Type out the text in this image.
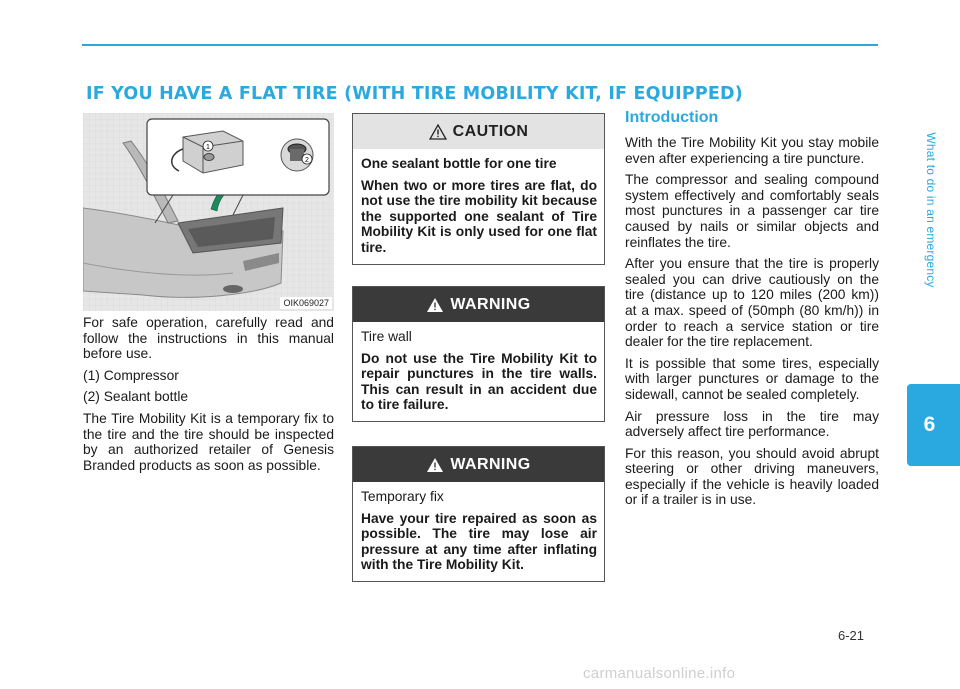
IF YOU HAVE A FLAT TIRE (WITH TIRE MOBILITY KIT, IF EQUIPPED)
What to do in an emergency
6
1
2
OIK069027

For safe operation, carefully read and follow the instructions in this manual before use.

(1) Compressor

(2) Sealant bottle

The Tire Mobility Kit is a temporary fix to the tire and the tire should be inspected by an authorized retailer of Genesis Branded products as soon as possible.

CAUTION

One sealant bottle for one tire

When two or more tires are flat, do not use the tire mobility kit because the supported one sealant of Tire Mobility Kit is only used for one flat tire.

WARNING

Tire wall

Do not use the Tire Mobility Kit to repair punctures in the tire walls. This can result in an accident due to tire failure.

WARNING

Temporary fix

Have your tire repaired as soon as possible. The tire may lose air pressure at any time after inflating with the Tire Mobility Kit.

Introduction

With the Tire Mobility Kit you stay mobile even after experiencing a tire puncture.

The compressor and sealing compound system effectively and comfortably seals most punctures in a passenger car tire caused by nails or similar objects and reinflates the tire.

After you ensure that the tire is properly sealed you can drive cautiously on the tire (distance up to 120 miles (200 km)) at a max. speed of (50mph (80 km/h)) in order to reach a service station or tire dealer for the tire replacement.

It is possible that some tires, especially with larger punctures or damage to the sidewall, cannot be sealed completely.

Air pressure loss in the tire may adversely affect tire performance.

For this reason, you should avoid abrupt steering or other driving maneuvers, especially if the vehicle is heavily loaded or if a trailer is in use.

6-21
carmanualsonline.info
